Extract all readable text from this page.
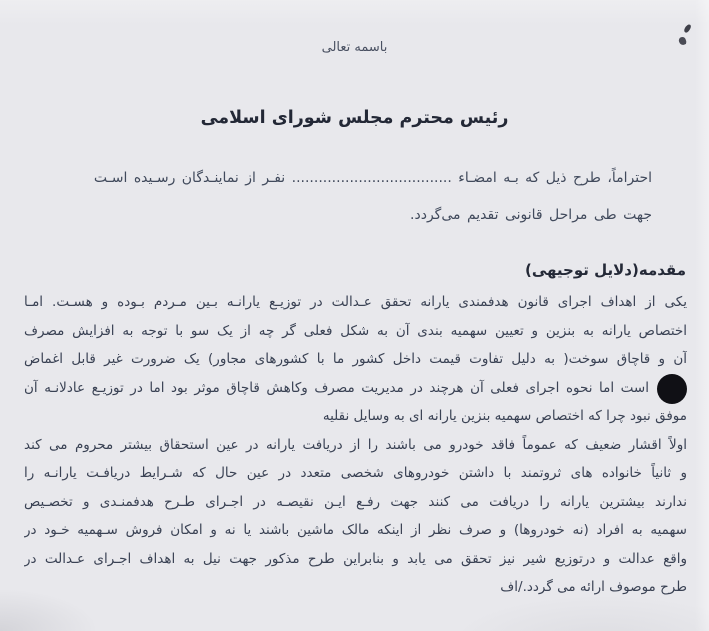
باسمه تعالی
رئیس محترم مجلس شورای اسلامی
احتراماً، طرح ذیل که بـه امضـاء .................................... نفـر از نماینـدگان رسـیده اسـت
جهت طی مراحل قانونی تقدیم می‌گردد.
مقدمه(دلایل توجیهی)
یکی از اهداف اجرای قانون هدفمندی یارانه تحقق عـدالت در توزیـع یارانـه بـین مـردم بـوده و هسـت. امـا
اختصاص یارانه به بنزین و تعیین سهمیه بندی آن به شکل فعلی گر چه از یک سو با توجه به افزایش مصرف
آن و قاچاق سوخت( به دلیل تفاوت قیمت داخل کشور ما با کشورهای مجاور) یک ضرورت غیر قابل اغماض
است اما نحوه اجرای فعلی آن هرچند در مدیریت مصرف وکاهش قاچاق موثر بود اما در توزیـع عادلانـه آن
موفق نبود چرا که اختصاص سهمیه بنزین یارانه ای به وسایل نقلیه
اولاً اقشار ضعیف که عموماً فاقد خودرو می باشند را از دریافت یارانه در عین استحقاق بیشتر محروم می کند
و ثانیاً خانواده های ثروتمند با داشتن خودروهای شخصی متعدد در عین حال که شـرایط دریافـت یارانـه را
ندارند بیشترین یارانه را دریافت می کنند جهت رفـع ایـن نقیصـه در اجـرای طـرح هدفمنـدی و تخصـیص
سهمیه به افراد (نه خودروها) و صرف نظر از اینکه مالک ماشین باشند یا نه و امکان فروش سـهمیه خـود در
واقع عدالت و درتوزیع شیر نیز تحقق می یابد و بنابراین طرح مذکور جهت نیل به اهداف اجـرای عـدالت در
طرح موصوف ارائه می گردد./اف
